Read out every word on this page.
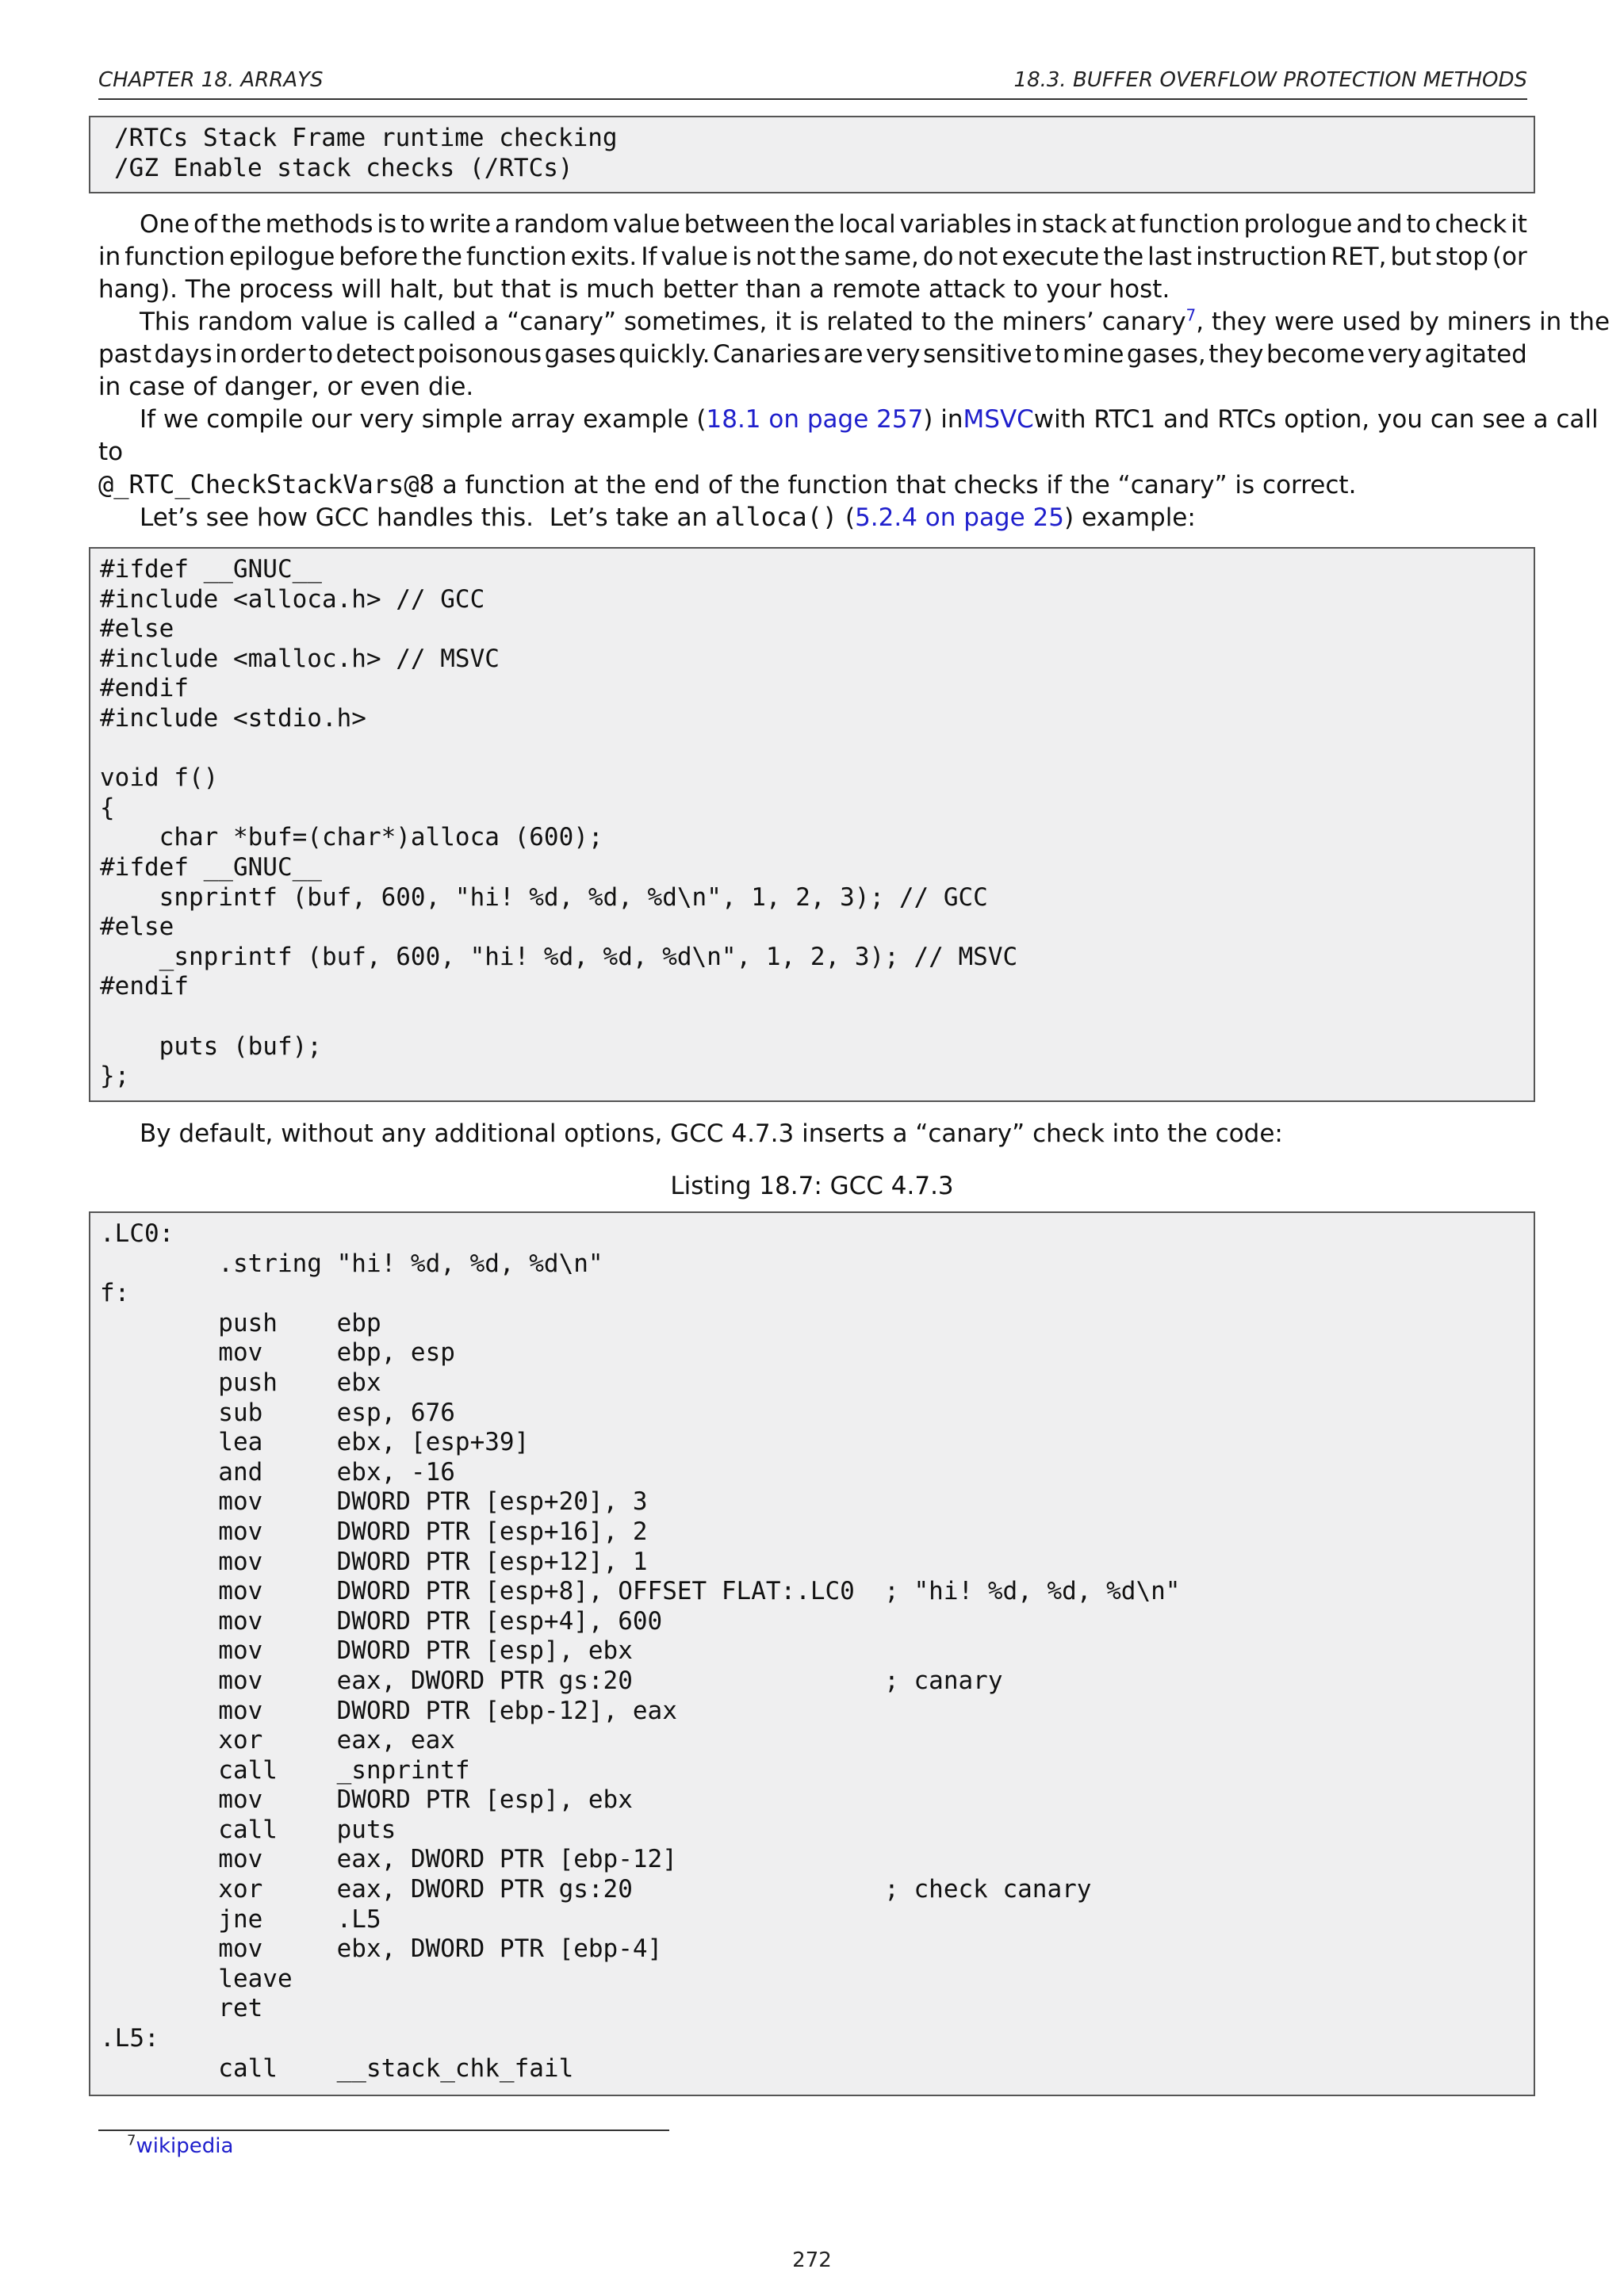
CHAPTER 18. ARRAYS	18.3. BUFFER OVERFLOW PROTECTION METHODS
/RTCs Stack Frame runtime checking
/GZ Enable stack checks (/RTCs)
One of the methods is to write a random value between the local variables in stack at function prologue and to check it
in function epilogue before the function exits. If value is not the same, do not execute the last instruction RET, but stop (or
hang). The process will halt, but that is much better than a remote attack to your host.
This random value is called a “canary” sometimes, it is related to the miners’ canary$^7$, they were used by miners in the
past days in order to detect poisonous gases quickly. Canaries are very sensitive to mine gases, they become very agitated
in case of danger, or even die.
If we compile our very simple array example ( 18.1 on page 257 ) in MSVC with RTC1 and RTCs option, you can see a call
to
@_RTC_CheckStackVars@8 a function at the end of the function that checks if the “canary” is correct.
Let’s see how GCC handles this.  Let’s take an alloca() (5.2.4 on page 25) example:
#ifdef __GNUC__
#include <alloca.h> // GCC
#else
#include <malloc.h> // MSVC
#endif
#include <stdio.h>

void f()
{
char *buf=(char*)alloca (600);
#ifdef __GNUC__
snprintf (buf, 600, "hi! %d, %d, %d\n", 1, 2, 3); // GCC
#else
_snprintf (buf, 600, "hi! %d, %d, %d\n", 1, 2, 3); // MSVC
#endif

puts (buf);
};
By default, without any additional options, GCC 4.7.3 inserts a “canary” check into the code:
Listing 18.7: GCC 4.7.3
.LC0:
.string "hi! %d, %d, %d\n"
f:
push    ebp
mov     ebp, esp
push    ebx
sub     esp, 676
lea     ebx, [esp+39]
and     ebx, -16
mov     DWORD PTR [esp+20], 3
mov     DWORD PTR [esp+16], 2
mov     DWORD PTR [esp+12], 1
mov     DWORD PTR [esp+8], OFFSET FLAT:.LC0  ; "hi! %d, %d, %d\n"
mov     DWORD PTR [esp+4], 600
mov     DWORD PTR [esp], ebx
mov     eax, DWORD PTR gs:20                 ; canary
mov     DWORD PTR [ebp-12], eax
xor     eax, eax
call    _snprintf
mov     DWORD PTR [esp], ebx
call    puts
mov     eax, DWORD PTR [ebp-12]
xor     eax, DWORD PTR gs:20                 ; check canary
jne     .L5
mov     ebx, DWORD PTR [ebp-4]
leave
ret
.L5:
call    __stack_chk_fail
$^7$wikipedia
272
